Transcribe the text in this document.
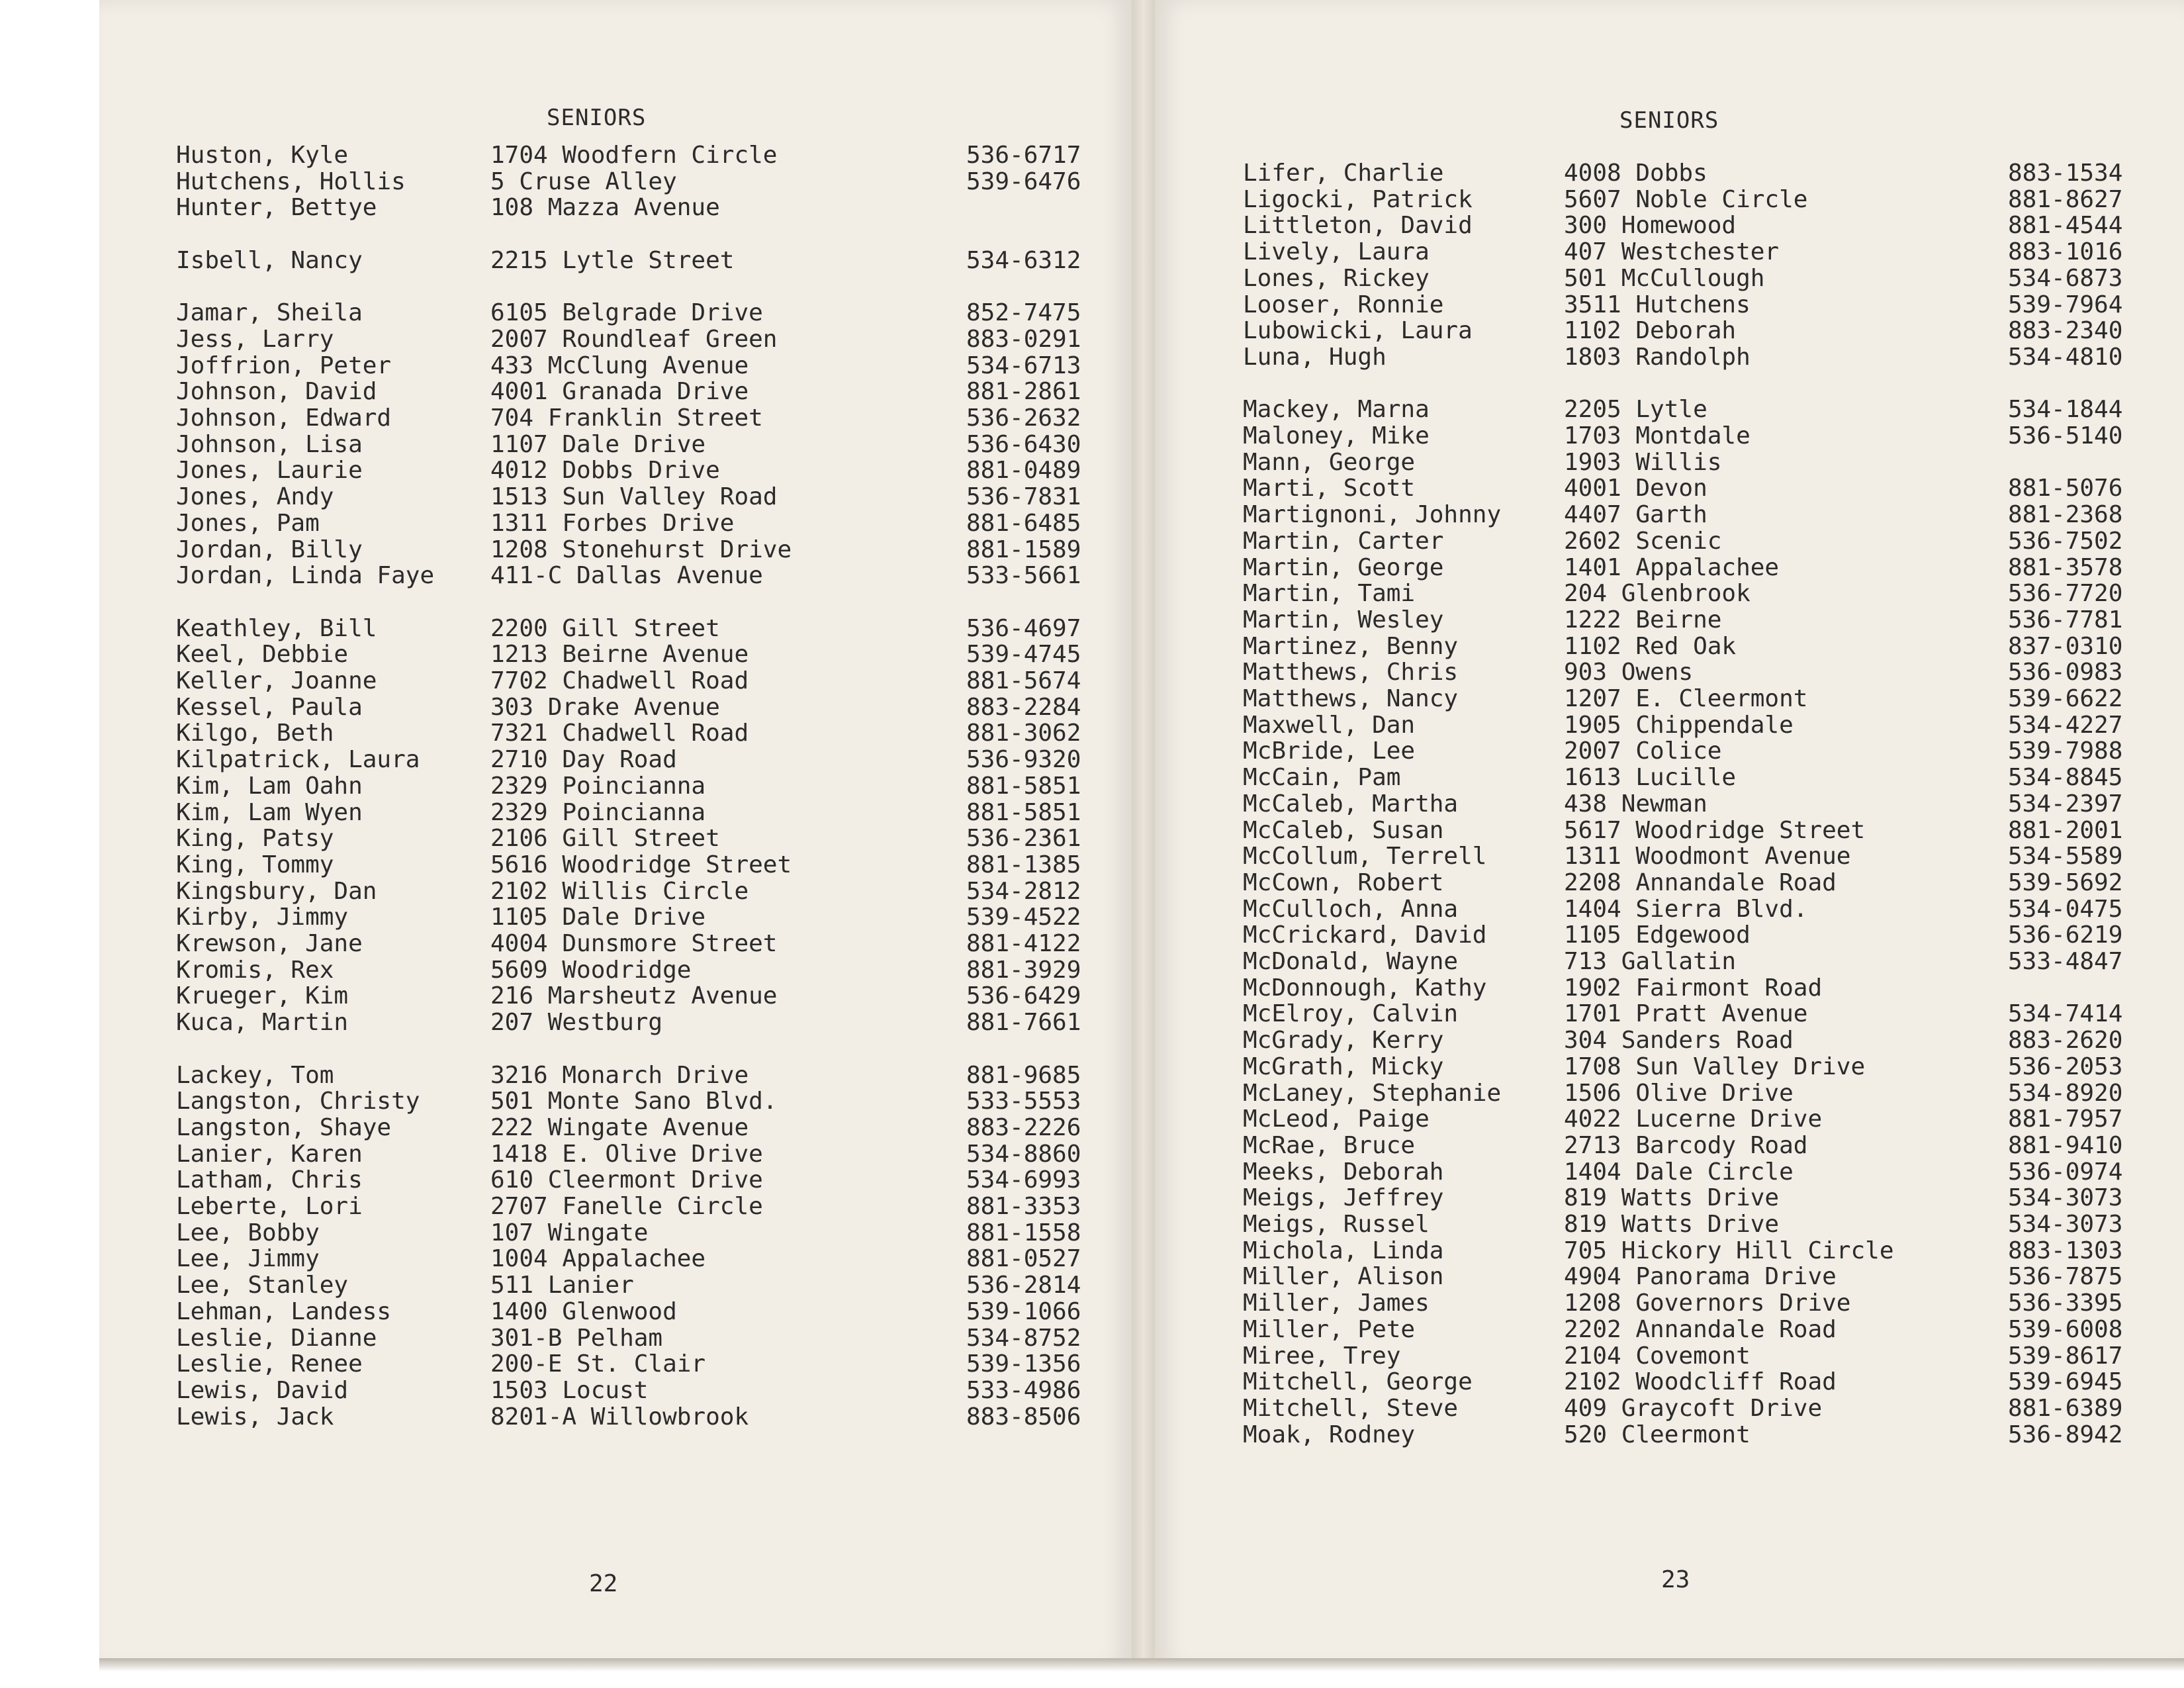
SENIORS
Huston, Kyle	1704 Woodfern Circle	536-6717
Hutchens, Hollis	5 Cruse Alley	539-6476
Hunter, Bettye	108 Mazza Avenue
Isbell, Nancy	2215 Lytle Street	534-6312
Jamar, Sheila	6105 Belgrade Drive	852-7475
Jess, Larry	2007 Roundleaf Green	883-0291
Joffrion, Peter	433 McClung Avenue	534-6713
Johnson, David	4001 Granada Drive	881-2861
Johnson, Edward	704 Franklin Street	536-2632
Johnson, Lisa	1107 Dale Drive	536-6430
Jones, Laurie	4012 Dobbs Drive	881-0489
Jones, Andy	1513 Sun Valley Road	536-7831
Jones, Pam	1311 Forbes Drive	881-6485
Jordan, Billy	1208 Stonehurst Drive	881-1589
Jordan, Linda Faye 411-C Dallas Avenue	533-5661
Keathley, Bill	2200 Gill Street	536-4697
Keel, Debbie	1213 Beirne Avenue	539-4745
Keller, Joanne	7702 Chadwell Road	881-5674
Kessel, Paula	303 Drake Avenue	883-2284
Kilgo, Beth	7321 Chadwell Road	881-3062
Kilpatrick, Laura	2710 Day Road	536-9320
Kim, Lam Oahn	2329 Poincianna	881-5851
Kim, Lam Wyen	2329 Poincianna	881-5851
King, Patsy	2106 Gill Street	536-2361
King, Tommy	5616 Woodridge Street	881-1385
Kingsbury, Dan	2102 Willis Circle	534-2812
Kirby, Jimmy	1105 Dale Drive	539-4522
Krewson, Jane	4004 Dunsmore Street	881-4122
Kromis, Rex	5609 Woodridge	881-3929
Krueger, Kim	216 Marsheutz Avenue	536-6429
Kuca, Martin	207 Westburg	881-7661
Lackey, Tom	3216 Monarch Drive	881-9685
Langston, Christy	501 Monte Sano Blvd.	533-5553
Langston, Shaye	222 Wingate Avenue	883-2226
Lanier, Karen	1418 E. Olive Drive	534-8860
Latham, Chris	610 Cleermont Drive	534-6993
Leberte, Lori	2707 Fanelle Circle	881-3353
Lee, Bobby	107 Wingate	881-1558
Lee, Jimmy	1004 Appalachee	881-0527
Lee, Stanley	511 Lanier	536-2814
Lehman, Landess	1400 Glenwood	539-1066
Leslie, Dianne	301-B Pelham	534-8752
Leslie, Renee	200-E St. Clair	539-1356
Lewis, David	1503 Locust	533-4986
Lewis, Jack	8201-A Willowbrook	883-8506
22
SENIORS
Lifer, Charlie	4008 Dobbs	883-1534
Ligocki, Patrick	5607 Noble Circle	881-8627
Littleton, David	300 Homewood	881-4544
Lively, Laura	407 Westchester	883-1016
Lones, Rickey	501 McCullough	534-6873
Looser, Ronnie	3511 Hutchens	539-7964
Lubowicki, Laura	1102 Deborah	883-2340
Luna, Hugh	1803 Randolph	534-4810
Mackey, Marna	2205 Lytle	534-1844
Maloney, Mike	1703 Montdale	536-5140
Mann, George	1903 Willis
Marti, Scott	4001 Devon	881-5076
Martignoni, Johnny	4407 Garth	881-2368
Martin, Carter	2602 Scenic	536-7502
Martin, George	1401 Appalachee	881-3578
Martin, Tami	204 Glenbrook	536-7720
Martin, Wesley	1222 Beirne	536-7781
Martinez, Benny	1102 Red Oak	837-0310
Matthews, Chris	903 Owens	536-0983
Matthews, Nancy	1207 E. Cleermont	539-6622
Maxwell, Dan	1905 Chippendale	534-4227
McBride, Lee	2007 Colice	539-7988
McCain, Pam	1613 Lucille	534-8845
McCaleb, Martha	438 Newman	534-2397
McCaleb, Susan	5617 Woodridge Street	881-2001
McCollum, Terrell	1311 Woodmont Avenue	534-5589
McCown, Robert	2208 Annandale Road	539-5692
McCulloch, Anna	1404 Sierra Blvd.	534-0475
McCrickard, David	1105 Edgewood	536-6219
McDonald, Wayne	713 Gallatin	533-4847
McDonnough, Kathy	1902 Fairmont Road
McElroy, Calvin	1701 Pratt Avenue	534-7414
McGrady, Kerry	304 Sanders Road	883-2620
McGrath, Micky	1708 Sun Valley Drive	536-2053
McLaney, Stephanie	1506 Olive Drive	534-8920
McLeod, Paige	4022 Lucerne Drive	881-7957
McRae, Bruce	2713 Barcody Road	881-9410
Meeks, Deborah	1404 Dale Circle	536-0974
Meigs, Jeffrey	819 Watts Drive	534-3073
Meigs, Russel	819 Watts Drive	534-3073
Michola, Linda	705 Hickory Hill Circle	883-1303
Miller, Alison	4904 Panorama Drive	536-7875
Miller, James	1208 Governors Drive	536-3395
Miller, Pete	2202 Annandale Road	539-6008
Miree, Trey	2104 Covemont	539-8617
Mitchell, George	2102 Woodcliff Road	539-6945
Mitchell, Steve	409 Graycoft Drive	881-6389
Moak, Rodney	520 Cleermont	536-8942
23
